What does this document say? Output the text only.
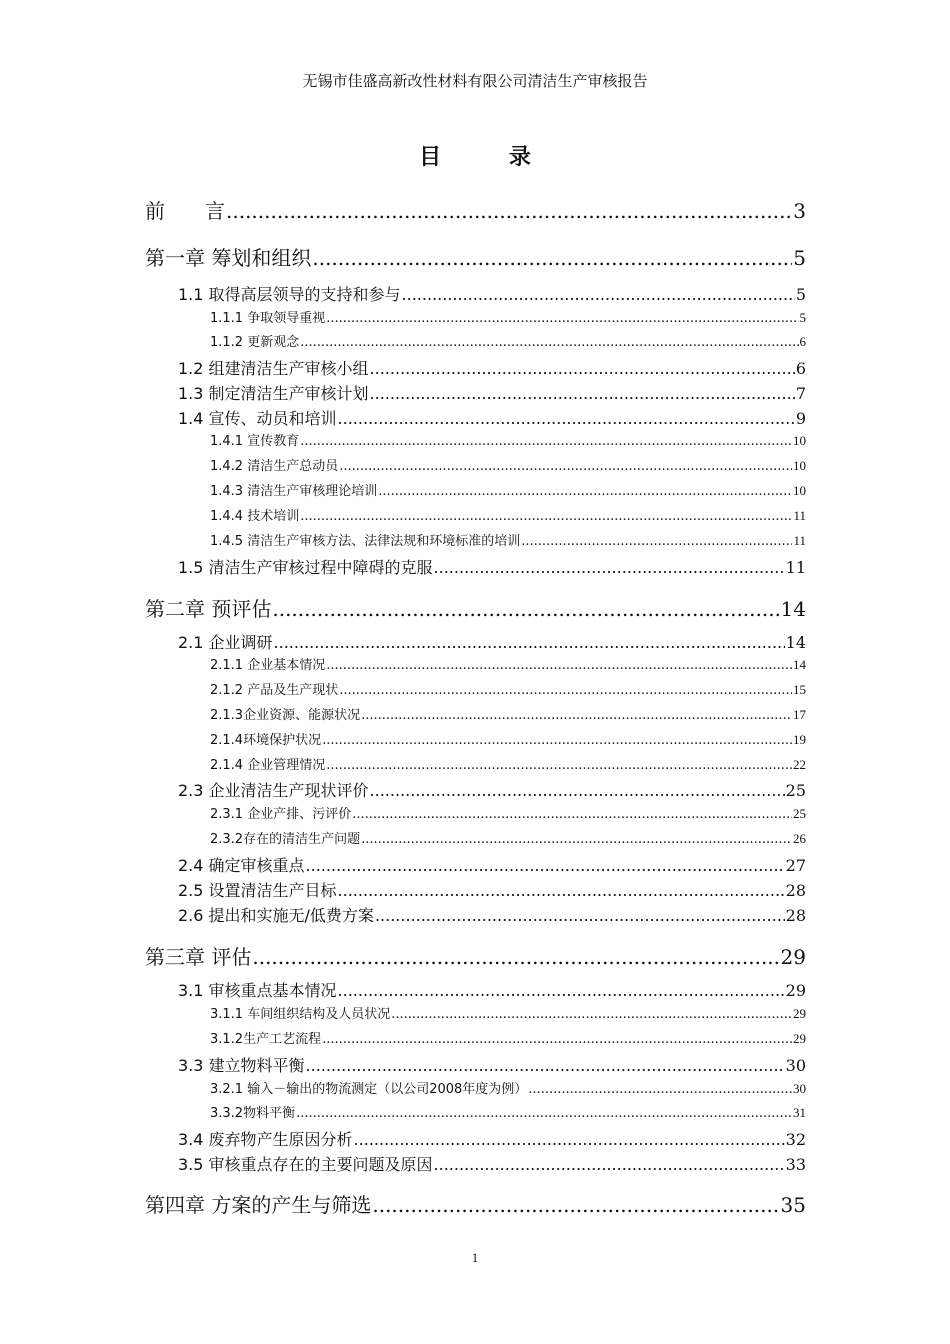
无锡市佳盛高新改性材料有限公司清洁生产审核报告
目 录
前　　言 .....	3
第一章 筹划和组织 .....	5
1.1 取得高层领导的支持和参与 .....	5
1.1.1 争取领导重视 .....	5
1.1.2 更新观念 .....	6
1.2 组建清洁生产审核小组 .....	6
1.3 制定清洁生产审核计划 .....	7
1.4 宣传、动员和培训 .....	9
1.4.1 宣传教育 .....	10
1.4.2 清洁生产总动员 .....	10
1.4.3 清洁生产审核理论培训 .....	10
1.4.4 技术培训 .....	11
1.4.5 清洁生产审核方法、法律法规和环境标准的培训 .....	11
1.5 清洁生产审核过程中障碍的克服 .....	11
第二章 预评估 .....	14
2.1 企业调研 .....	14
2.1.1 企业基本情况 .....	14
2.1.2 产品及生产现状 .....	15
2.1.3企业资源、能源状况 .....	17
2.1.4环境保护状况 .....	19
2.1.4 企业管理情况 .....	22
2.3 企业清洁生产现状评价 .....	25
2.3.1 企业产排、污评价 .....	25
2.3.2存在的清洁生产问题 .....	26
2.4 确定审核重点 .....	27
2.5 设置清洁生产目标 .....	28
2.6 提出和实施无/低费方案 .....	28
第三章 评估 .....	29
3.1 审核重点基本情况 .....	29
3.1.1 车间组织结构及人员状况 .....	29
3.1.2生产工艺流程 .....	29
3.3 建立物料平衡 .....	30
3.2.1 输入－输出的物流测定（以公司2008年度为例） .....	30
3.3.2物料平衡 .....	31
3.4 废弃物产生原因分析 .....	32
3.5 审核重点存在的主要问题及原因 .....	33
第四章 方案的产生与筛选 .....	35
1
